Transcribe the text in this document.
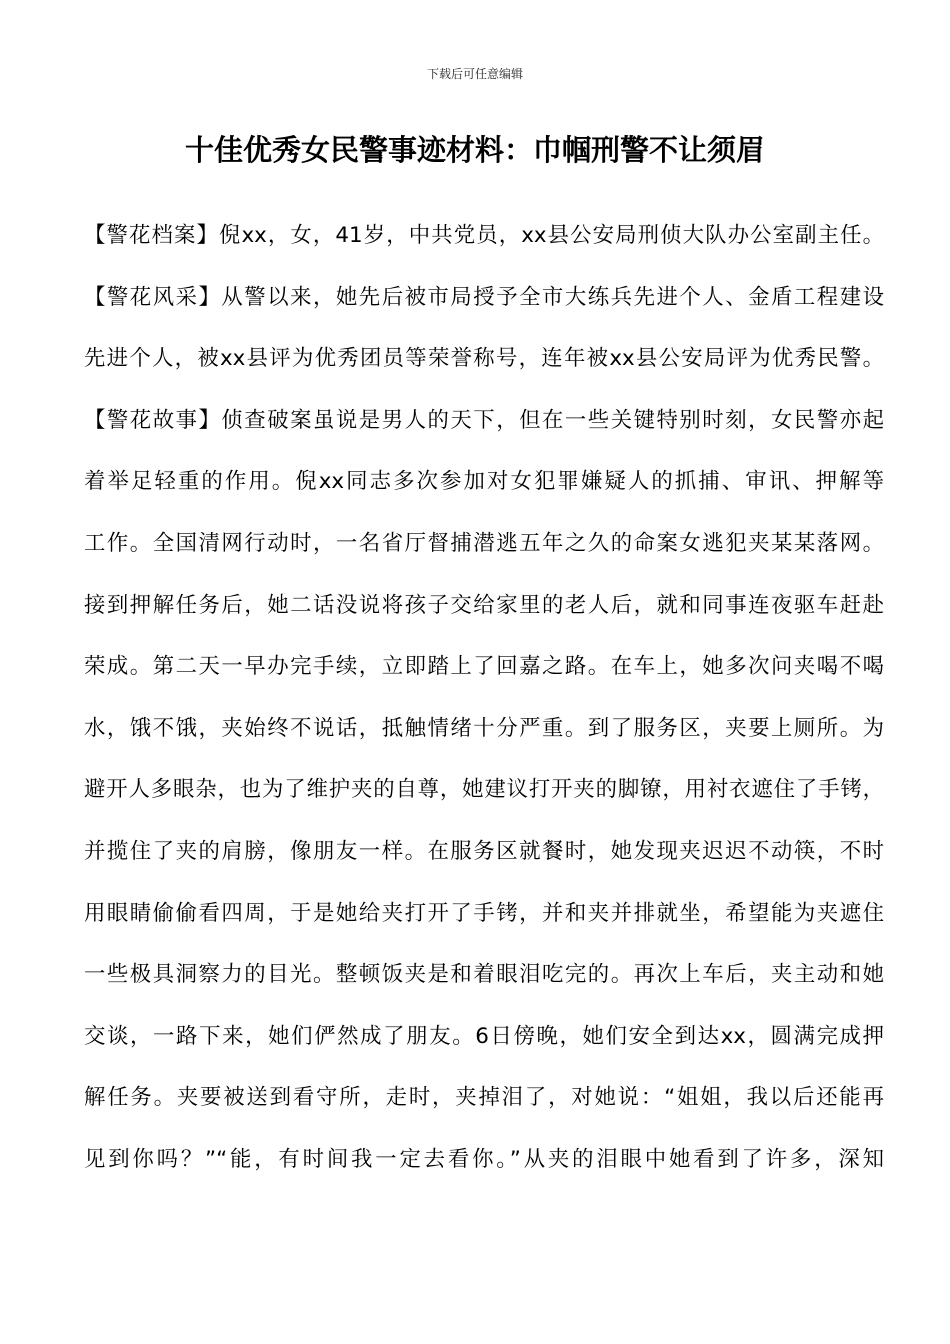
下载后可任意编辑
十佳优秀女民警事迹材料：巾帼刑警不让须眉
【警花档案】倪xx，女，41岁，中共党员，xx县公安局刑侦大队办公室副主任。
【警花风采】从警以来，她先后被市局授予全市大练兵先进个人、金盾工程建设
先进个人，被xx县评为优秀团员等荣誉称号，连年被xx县公安局评为优秀民警。
【警花故事】侦查破案虽说是男人的天下，但在一些关键特别时刻，女民警亦起
着举足轻重的作用。倪xx同志多次参加对女犯罪嫌疑人的抓捕、审讯、押解等
工作。全国清网行动时，一名省厅督捕潜逃五年之久的命案女逃犯夹某某落网。
接到押解任务后，她二话没说将孩子交给家里的老人后，就和同事连夜驱车赶赴
荣成。第二天一早办完手续，立即踏上了回嘉之路。在车上，她多次问夹喝不喝
水，饿不饿，夹始终不说话，抵触情绪十分严重。到了服务区，夹要上厕所。为
避开人多眼杂，也为了维护夹的自尊，她建议打开夹的脚镣，用衬衣遮住了手铐，
并揽住了夹的肩膀，像朋友一样。在服务区就餐时，她发现夹迟迟不动筷，不时
用眼睛偷偷看四周，于是她给夹打开了手铐，并和夹并排就坐，希望能为夹遮住
一些极具洞察力的目光。整顿饭夹是和着眼泪吃完的。再次上车后，夹主动和她
交谈，一路下来，她们俨然成了朋友。6日傍晚，她们安全到达xx，圆满完成押
解任务。夹要被送到看守所，走时，夹掉泪了，对她说：“姐姐，我以后还能再
见到你吗？”“能，有时间我一定去看你。”从夹的泪眼中她看到了许多，深知
